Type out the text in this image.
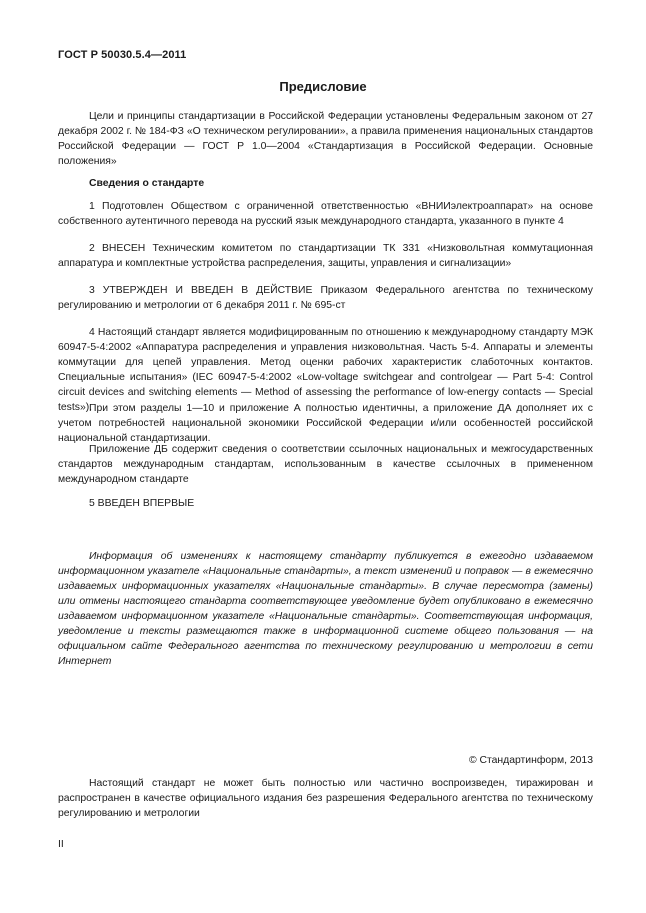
ГОСТ Р 50030.5.4—2011
Предисловие
Цели и принципы стандартизации в Российской Федерации установлены Федеральным законом от 27 декабря 2002 г. № 184-ФЗ «О техническом регулировании», а правила применения национальных стандартов Российской Федерации — ГОСТ Р 1.0—2004 «Стандартизация в Российской Федерации. Основные положения»
Сведения о стандарте
1 Подготовлен Обществом с ограниченной ответственностью «ВНИИэлектроаппарат» на основе собственного аутентичного перевода на русский язык международного стандарта, указанного в пункте 4
2 ВНЕСЕН Техническим комитетом по стандартизации ТК 331 «Низковольтная коммутационная аппаратура и комплектные устройства распределения, защиты, управления и сигнализации»
3 УТВЕРЖДЕН И ВВЕДЕН В ДЕЙСТВИЕ Приказом Федерального агентства по техническому регулированию и метрологии от 6 декабря 2011 г. № 695-ст
4 Настоящий стандарт является модифицированным по отношению к международному стандарту МЭК 60947-5-4:2002 «Аппаратура распределения и управления низковольтная. Часть 5-4. Аппараты и элементы коммутации для цепей управления. Метод оценки рабочих характеристик слаботочных контактов. Специальные испытания» (IEC 60947-5-4:2002 «Low-voltage switchgear and controlgear — Part 5-4: Control circuit devices and switching elements — Method of assessing the performance of low-energy contacts — Special tests»).
При этом разделы 1—10 и приложение А полностью идентичны, а приложение ДА дополняет их с учетом потребностей национальной экономики Российской Федерации и/или особенностей российской национальной стандартизации.
Приложение ДБ содержит сведения о соответствии ссылочных национальных и межгосударственных стандартов международным стандартам, использованным в качестве ссылочных в примененном международном стандарте
5 ВВЕДЕН ВПЕРВЫЕ
Информация об изменениях к настоящему стандарту публикуется в ежегодно издаваемом информационном указателе «Национальные стандарты», а текст изменений и поправок — в ежемесячно издаваемых информационных указателях «Национальные стандарты». В случае пересмотра (замены) или отмены настоящего стандарта соответствующее уведомление будет опубликовано в ежемесячно издаваемом информационном указателе «Национальные стандарты». Соответствующая информация, уведомление и тексты размещаются также в информационной системе общего пользования — на официальном сайте Федерального агентства по техническому регулированию и метрологии в сети Интернет
© Стандартинформ, 2013
Настоящий стандарт не может быть полностью или частично воспроизведен, тиражирован и распространен в качестве официального издания без разрешения Федерального агентства по техническому регулированию и метрологии
II
